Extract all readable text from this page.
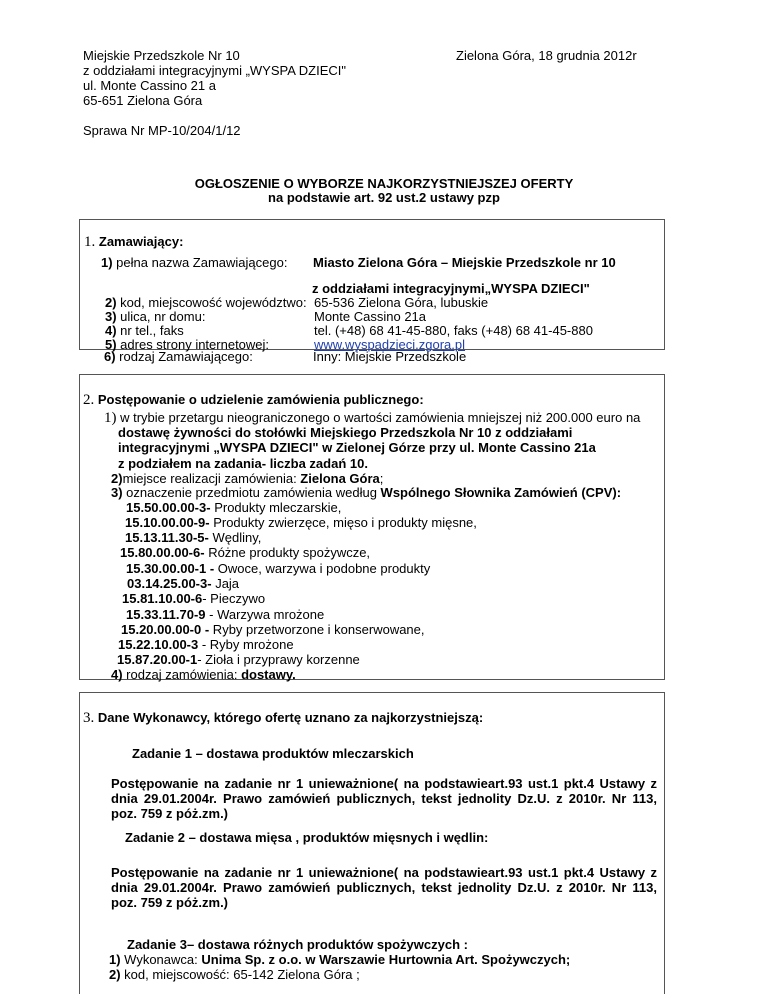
Miejskie Przedszkole Nr 10
z oddziałami integracyjnymi „WYSPA DZIECI"
ul. Monte Cassino 21 a
65-651 Zielona Góra
Zielona Góra, 18 grudnia 2012r
Sprawa Nr MP-10/204/1/12
OGŁOSZENIE O WYBORZE NAJKORZYSTNIEJSZEJ OFERTY
na podstawie art. 92 ust.2 ustawy pzp
1. Zamawiający:
1) pełna nazwa Zamawiającego: Miasto Zielona Góra – Miejskie Przedszkole nr 10
z oddziałami integracyjnymi„WYSPA DZIECI"
2) kod, miejscowość województwo: 65-536 Zielona Góra, lubuskie
3) ulica, nr domu:	Monte Cassino 21a
4) nr tel., faks	tel. (+48) 68 41-45-880, faks (+48) 68 41-45-880
5) adres strony internetowej:	www.wyspadzieci.zgora.pl
6) rodzaj Zamawiającego:	Inny: Miejskie Przedszkole
2. Postępowanie o udzielenie zamówienia publicznego:
1) w trybie przetargu nieograniczonego o wartości zamówienia mniejszej niż 200.000 euro na
dostawę żywności do stołówki Miejskiego Przedszkola Nr 10 z oddziałami
integracyjnymi „WYSPA DZIECI" w Zielonej Górze przy ul. Monte Cassino 21a
z podziałem na zadania- liczba zadań 10.
2)miejsce realizacji zamówienia: Zielona Góra;
3) oznaczenie przedmiotu zamówienia według Wspólnego Słownika Zamówień (CPV):
15.50.00.00-3- Produkty mleczarskie,
15.10.00.00-9- Produkty zwierzęce, mięso i produkty mięsne,
15.13.11.30-5- Wędliny,
15.80.00.00-6- Różne produkty spożywcze,
15.30.00.00-1 - Owoce, warzywa i podobne produkty
03.14.25.00-3- Jaja
15.81.10.00-6- Pieczywo
15.33.11.70-9 - Warzywa mrożone
15.20.00.00-0 - Ryby przetworzone i konserwowane,
15.22.10.00-3 - Ryby mrożone
15.87.20.00-1- Zioła i przyprawy korzenne
4) rodzaj zamówienia: dostawy.
3. Dane Wykonawcy, którego ofertę uznano za najkorzystniejszą:
Zadanie 1 – dostawa produktów mleczarskich
Postępowanie na zadanie nr 1 unieważnione( na podstawieart.93 ust.1 pkt.4 Ustawy z dnia 29.01.2004r. Prawo zamówień publicznych, tekst jednolity Dz.U. z 2010r. Nr 113, poz. 759 z póż.zm.)
Zadanie 2 – dostawa mięsa , produktów mięsnych i wędlin:
Postępowanie na zadanie nr 1 unieważnione( na podstawieart.93 ust.1 pkt.4 Ustawy z dnia 29.01.2004r. Prawo zamówień publicznych, tekst jednolity Dz.U. z 2010r. Nr 113, poz. 759 z póż.zm.)
Zadanie 3– dostawa różnych produktów spożywczych :
1) Wykonawca: Unima Sp. z o.o. w Warszawie Hurtownia Art. Spożywczych;
2) kod, miejscowość: 65-142 Zielona Góra ;
